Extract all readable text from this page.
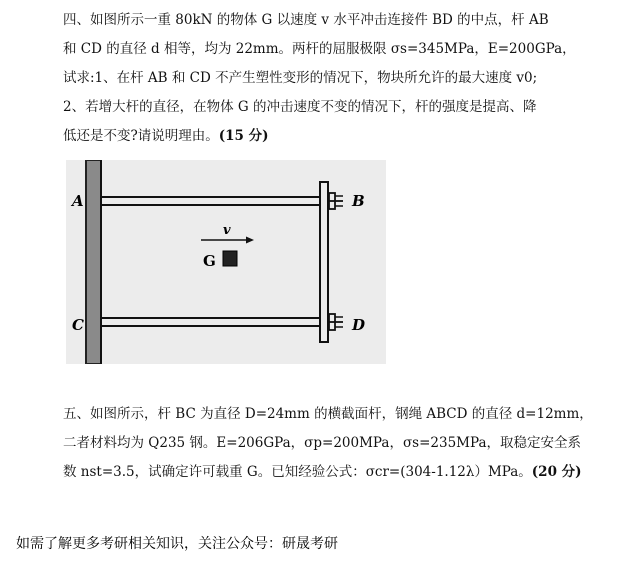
四、如图所示一重 80kN 的物体 G 以速度 v 水平冲击连接件 BD 的中点，杆 AB
和 CD 的直径 d 相等，均为 22mm。两杆的屈服极限 σs=345MPa，E=200GPa，
试求:1、在杆 AB 和 CD 不产生塑性变形的情况下，物块所允许的最大速度 v0;
2、若增大杆的直径，在物体 G 的冲击速度不变的情况下，杆的强度是提高、降
低还是不变?请说明理由。(15 分)
A	B
C	D
v
G
五、如图所示，杆 BC 为直径 D=24mm 的横截面杆，钢绳 ABCD 的直径 d=12mm，
二者材料均为 Q235 钢。E=206GPa，σp=200MPa，σs=235MPa，取稳定安全系
数 nst=3.5，试确定许可载重 G。已知经验公式：σcr=(304-1.12λ）MPa。(20 分)
如需了解更多考研相关知识，关注公众号：研晟考研
